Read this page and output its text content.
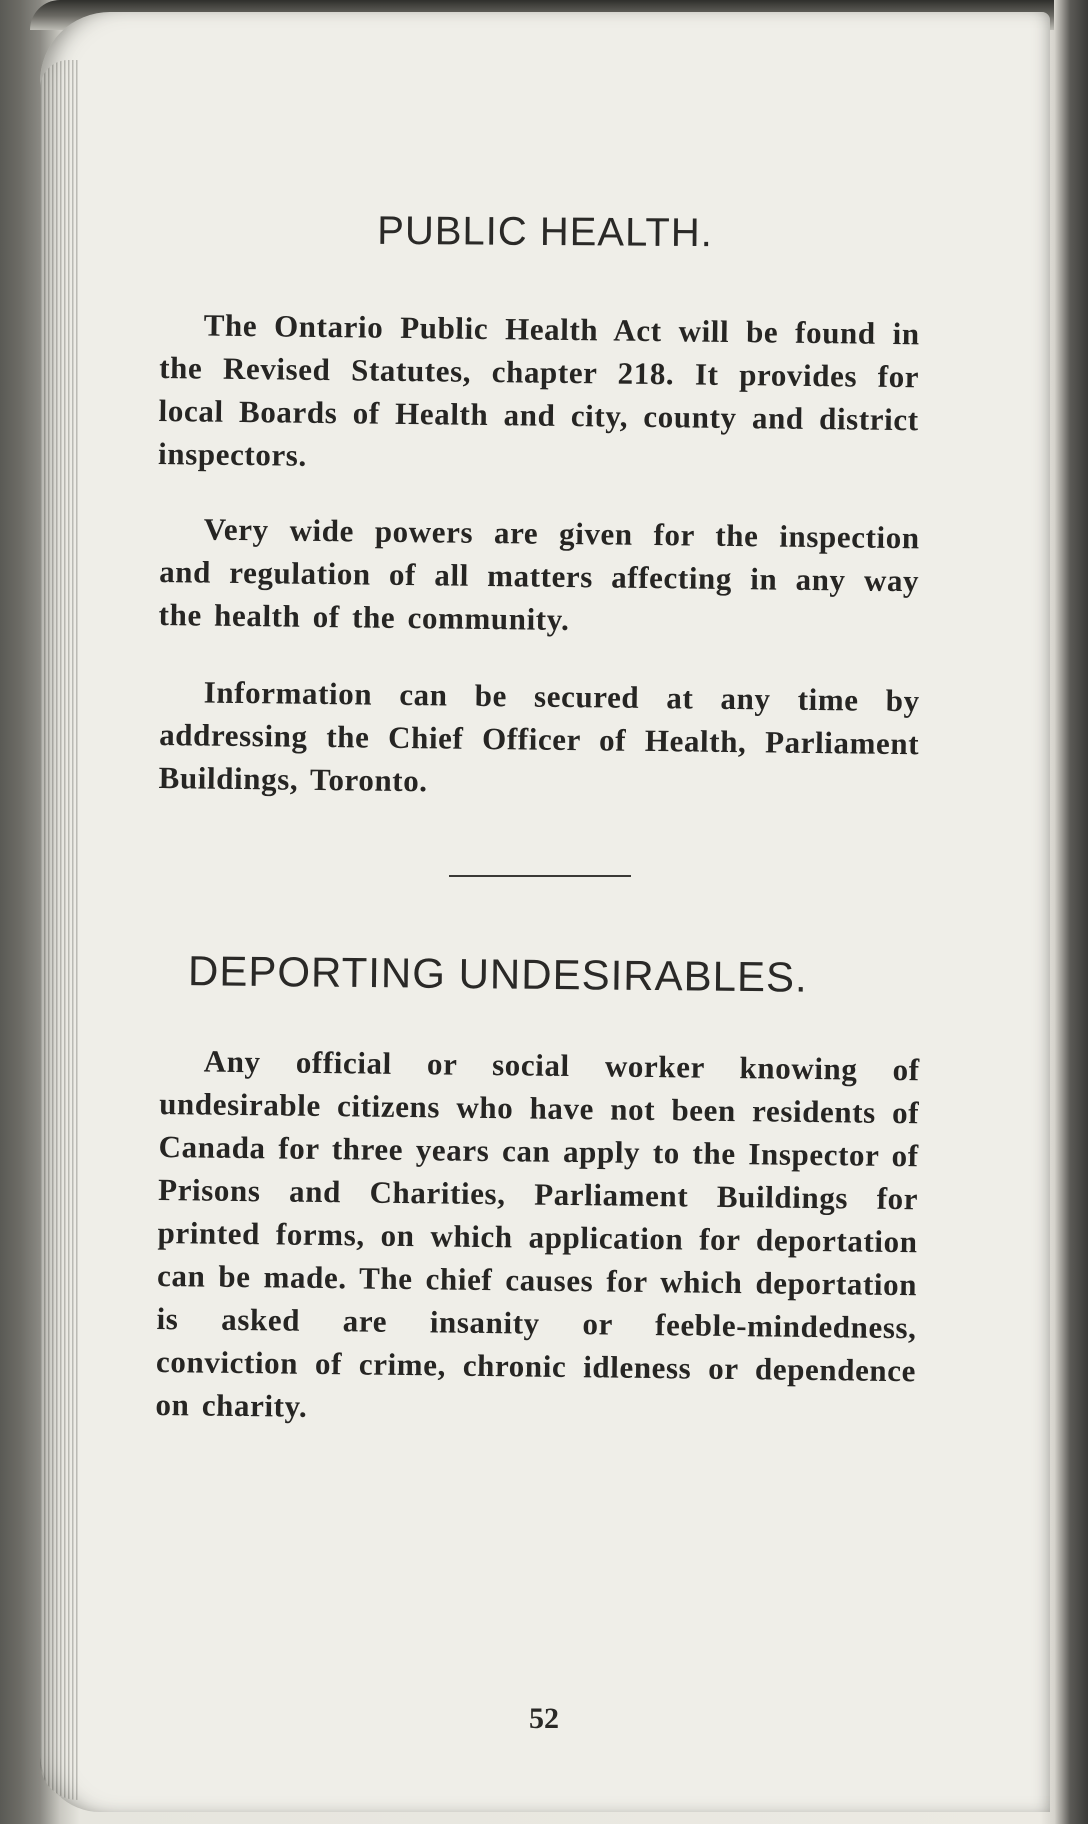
PUBLIC HEALTH.

The Ontario Public Health Act will be found in the Revised Statutes, chapter 218. It provides for local Boards of Health and city, county and district inspectors.

Very wide powers are given for the inspection and regulation of all matters affecting in any way the health of the community.

Information can be secured at any time by addressing the Chief Officer of Health, Parliament Buildings, Toronto.

DEPORTING UNDESIRABLES.

Any official or social worker knowing of undesirable citizens who have not been residents of Canada for three years can apply to the Inspector of Prisons and Charities, Parliament Buildings for printed forms, on which application for deportation can be made. The chief causes for which deportation is asked are insanity or feeble-mindedness, conviction of crime, chronic idleness or dependence on charity.

52
